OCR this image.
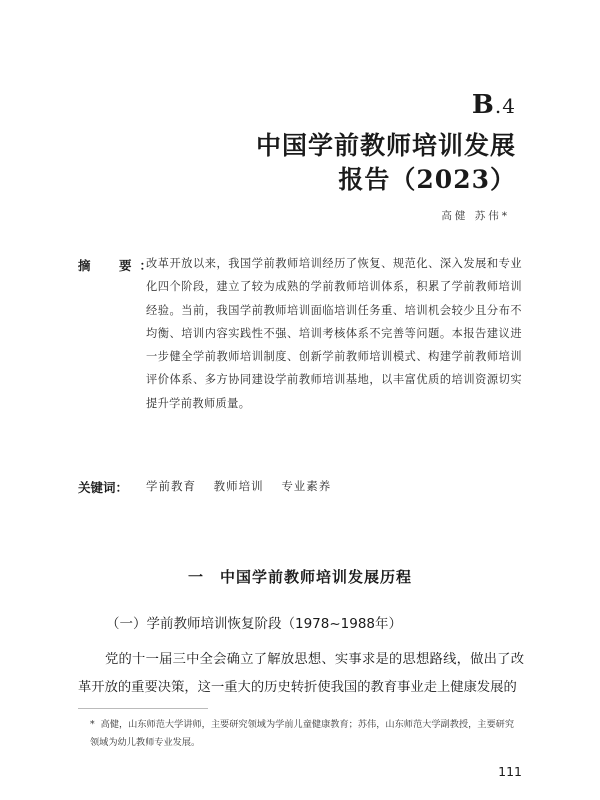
B.4
中国学前教师培训发展
报告（2023）
高健 苏伟*
摘　要：

改革开放以来，我国学前教师培训经历了恢复、规范化、深入发展和专业化四个阶段，建立了较为成熟的学前教师培训体系，积累了学前教师培训经验。当前，我国学前教师培训面临培训任务重、培训机会较少且分布不均衡、培训内容实践性不强、培训考核体系不完善等问题。本报告建议进一步健全学前教师培训制度、创新学前教师培训模式、构建学前教师培训评价体系、多方协同建设学前教师培训基地，以丰富优质的培训资源切实提升学前教师质量。

关键词： 学前教育 教师培训 专业素养
一 中国学前教师培训发展历程
（一）学前教师培训恢复阶段（1978~1988年）

党的十一届三中全会确立了解放思想、实事求是的思想路线，做出了改革开放的重要决策，这一重大的历史转折使我国的教育事业走上健康发展的

* 高健，山东师范大学讲师，主要研究领域为学前儿童健康教育；苏伟，山东师范大学副教授，主要研究领域为幼儿教师专业发展。

111
